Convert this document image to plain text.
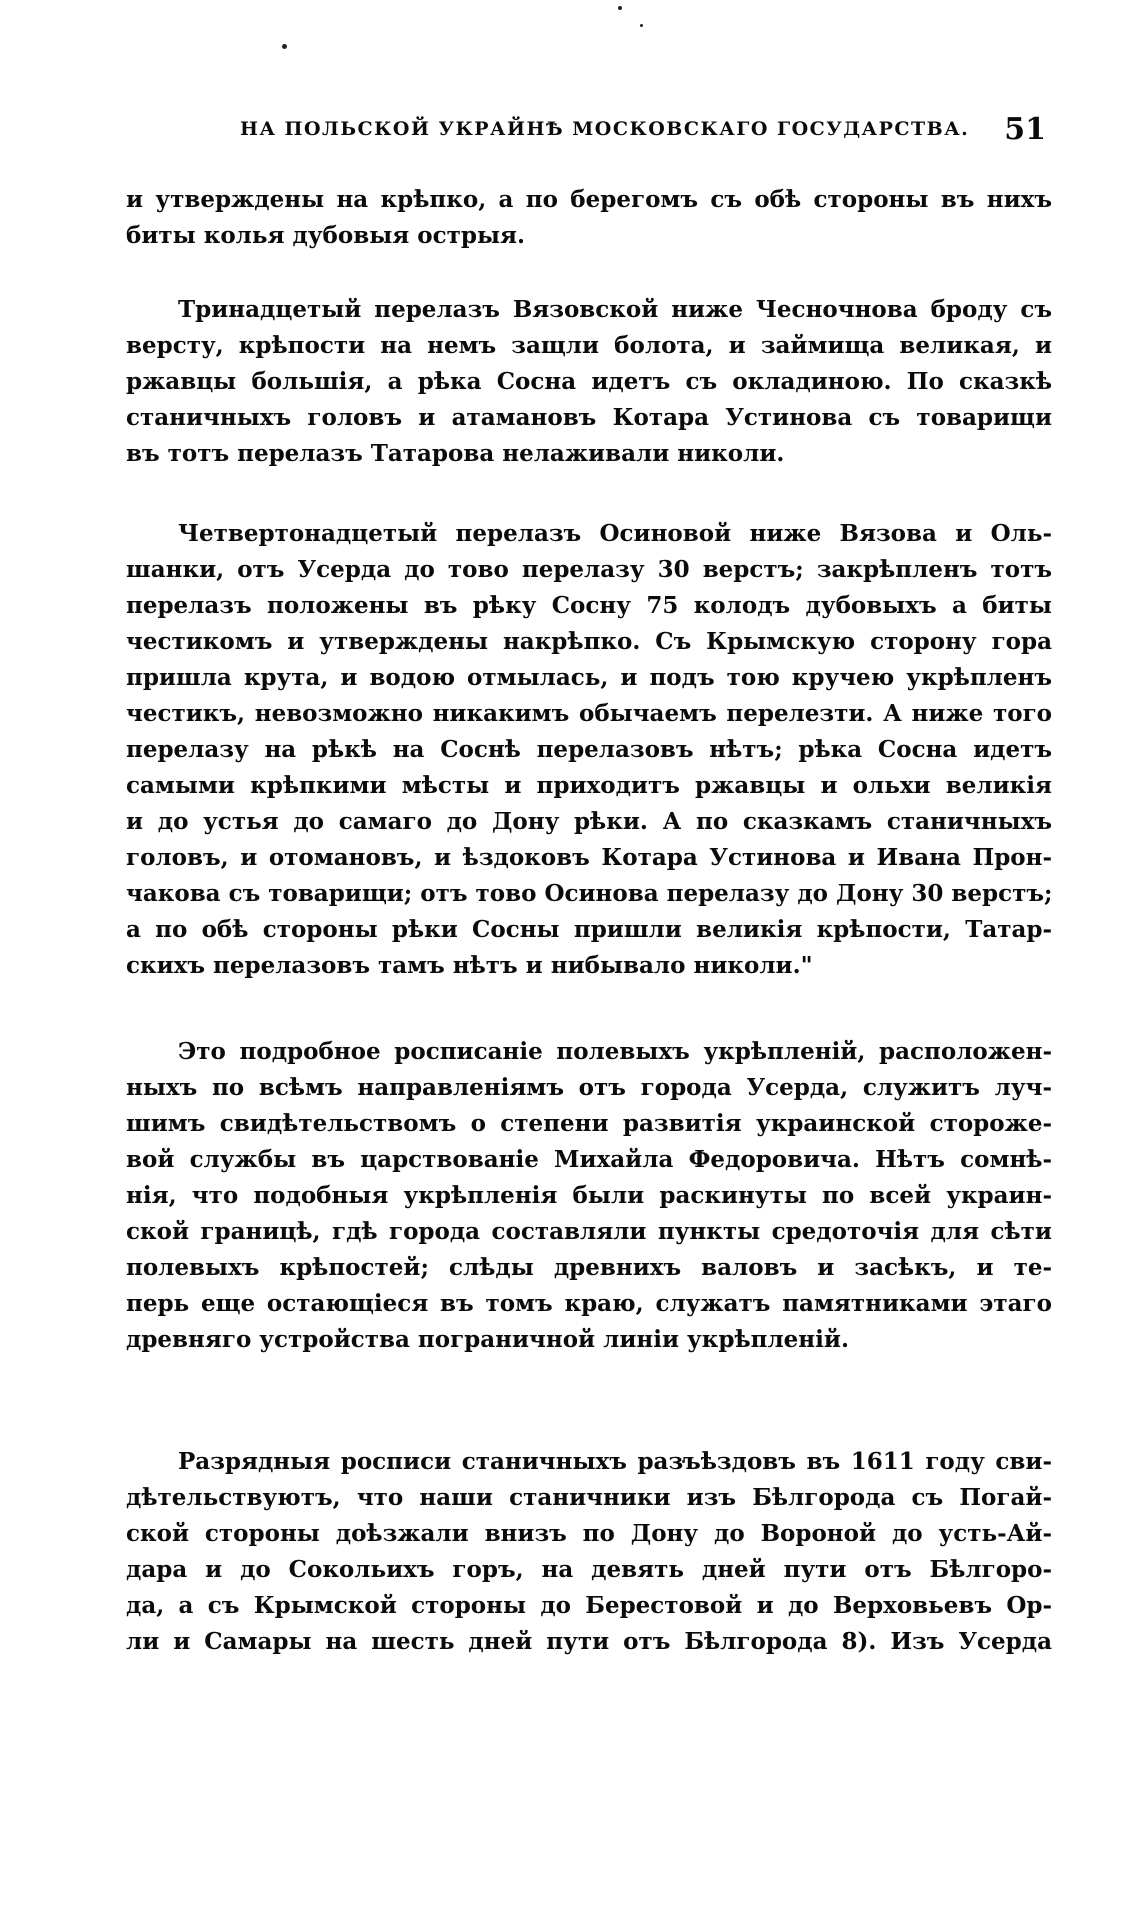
НА ПОЛЬСКОЙ УКРАЙНѢ МОСКОВСКАГО ГОСУДАРСТВА. 51
и утверждены на крѣпко, а по берегомъ съ обѣ стороны въ нихъ
биты колья дубовыя острыя.
Тринадцетый перелазъ Вязовской ниже Чесночнова броду съ
версту, крѣпости на немъ защли болота, и займища великая, и
ржавцы большія, а рѣка Сосна идетъ съ окладиною. По сказкѣ
станичныхъ головъ и атамановъ Котара Устинова съ товарищи
въ тотъ перелазъ Татарова нелаживали николи.
Четвертонадцетый перелазъ Осиновой ниже Вязова и Оль-
шанки, отъ Усерда до тово перелазу 30 верстъ; закрѣпленъ тотъ
перелазъ положены въ рѣку Сосну 75 колодъ дубовыхъ а биты
честикомъ и утверждены накрѣпко. Съ Крымскую сторону гора
пришла крута, и водою отмылась, и подъ тою кручею укрѣпленъ
честикъ, невозможно никакимъ обычаемъ перелезти. А ниже того
перелазу на рѣкѣ на Соснѣ перелазовъ нѣтъ; рѣка Сосна идетъ
самыми крѣпкими мѣсты и приходитъ ржавцы и ольхи великія
и до устья до самаго до Дону рѣки. А по сказкамъ станичныхъ
головъ, и отомановъ, и ѣздоковъ Котара Устинова и Ивана Прон-
чакова съ товарищи; отъ тово Осинова перелазу до Дону 30 верстъ;
а по обѣ стороны рѣки Сосны пришли великія крѣпости, Татар-
скихъ перелазовъ тамъ нѣтъ и нибывало николи."
Это подробное росписаніе полевыхъ укрѣпленій, расположен-
ныхъ по всѣмъ направленіямъ отъ города Усерда, служитъ луч-
шимъ свидѣтельствомъ о степени развитія украинской стороже-
вой службы въ царствованіе Михайла Федоровича. Нѣтъ сомнѣ-
нія, что подобныя укрѣпленія были раскинуты по всей украин-
ской границѣ, гдѣ города составляли пункты средоточія для сѣти
полевыхъ крѣпостей; слѣды древнихъ валовъ и засѣкъ, и те-
перь еще остающіеся въ томъ краю, служатъ памятниками этаго
древняго устройства пограничной линіи укрѣпленій.
Разрядныя росписи станичныхъ разъѣздовъ въ 1611 году сви-
дѣтельствуютъ, что наши станичники изъ Бѣлгорода съ Погай-
ской стороны доѣзжали внизъ по Дону до Вороной до усть-Ай-
дара и до Сокольихъ горъ, на девять дней пути отъ Бѣлгоро-
да, а съ Крымской стороны до Берестовой и до Верховьевъ Ор-
ли и Самары на шесть дней пути отъ Бѣлгорода 8). Изъ Усерда
